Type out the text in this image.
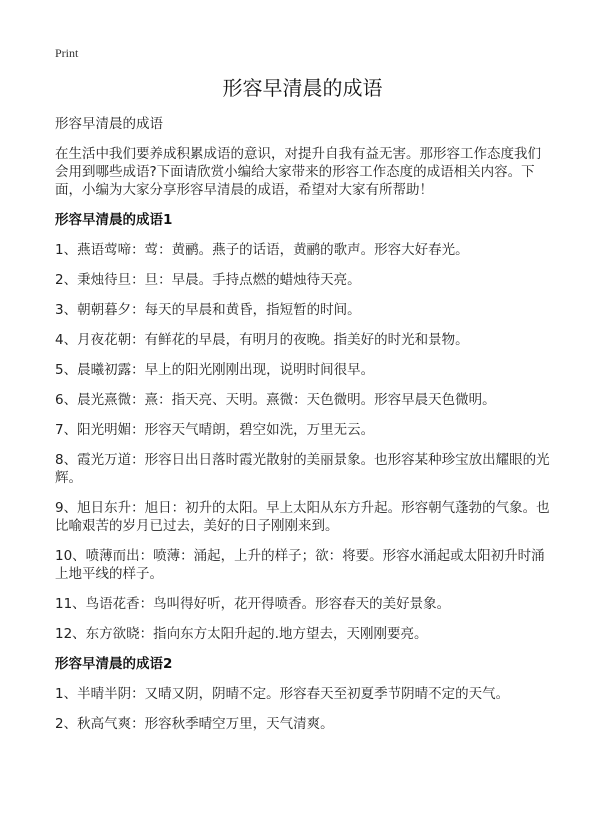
Print
形容早清晨的成语

形容早清晨的成语

在生活中我们要养成积累成语的意识，对提升自我有益无害。那形容工作态度我们会用到哪些成语?下面请欣赏小编给大家带来的形容工作态度的成语相关内容。下面，小编为大家分享形容早清晨的成语，希望对大家有所帮助！

形容早清晨的成语1

1、燕语莺啼：莺：黄鹂。燕子的话语，黄鹂的歌声。形容大好春光。

2、秉烛待旦：旦：早晨。手持点燃的蜡烛待天亮。

3、朝朝暮夕：每天的早晨和黄昏，指短暂的时间。

4、月夜花朝：有鲜花的早晨，有明月的夜晚。指美好的时光和景物。

5、晨曦初露：早上的阳光刚刚出现，说明时间很早。

6、晨光熹微：熹：指天亮、天明。熹微：天色微明。形容早晨天色微明。

7、阳光明媚：形容天气晴朗，碧空如洗，万里无云。

8、霞光万道：形容日出日落时霞光散射的美丽景象。也形容某种珍宝放出耀眼的光辉。

9、旭日东升：旭日：初升的太阳。早上太阳从东方升起。形容朝气蓬勃的气象。也比喻艰苦的岁月已过去，美好的日子刚刚来到。

10、喷薄而出：喷薄：涌起，上升的样子；欲：将要。形容水涌起或太阳初升时涌上地平线的样子。

11、鸟语花香：鸟叫得好听，花开得喷香。形容春天的美好景象。

12、东方欲晓：指向东方太阳升起的.地方望去，天刚刚要亮。

形容早清晨的成语2

1、半晴半阴：又晴又阴，阴晴不定。形容春天至初夏季节阴晴不定的天气。

2、秋高气爽：形容秋季晴空万里，天气清爽。
